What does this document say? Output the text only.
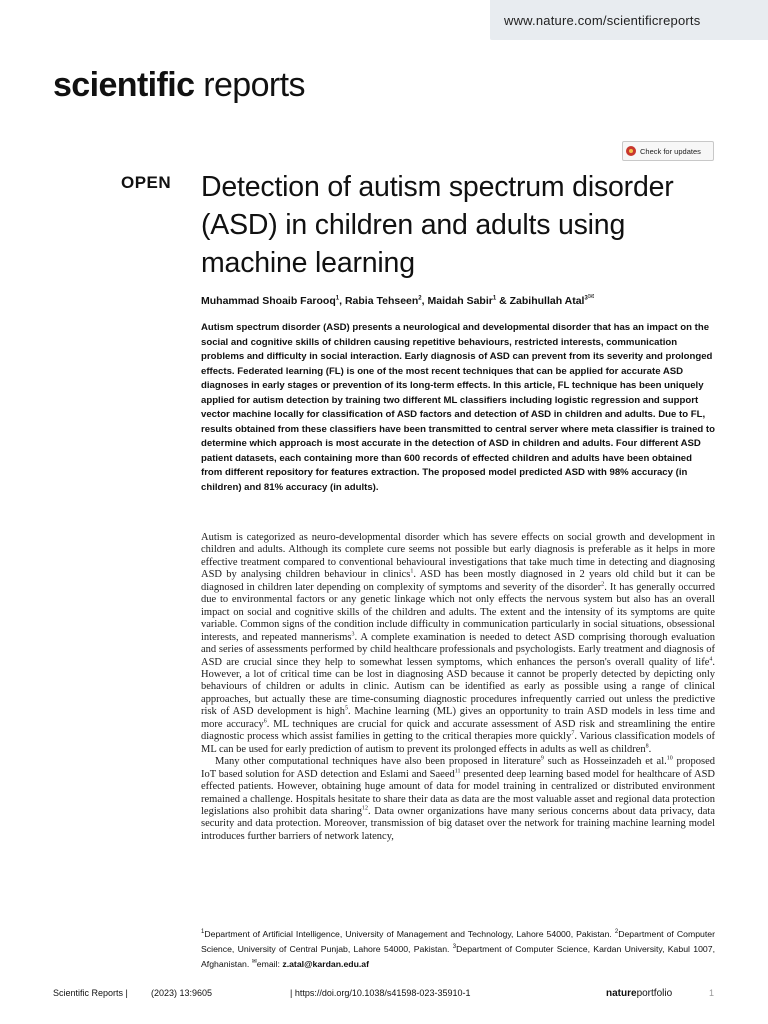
www.nature.com/scientificreports
scientific reports
Check for updates
OPEN Detection of autism spectrum disorder (ASD) in children and adults using machine learning
Muhammad Shoaib Farooq$^1$, Rabia Tehseen$^2$, Maidah Sabir$^1$ & Zabihullah Atal$^{3✉}$

Autism spectrum disorder (ASD) presents a neurological and developmental disorder that has an impact on the social and cognitive skills of children causing repetitive behaviours, restricted interests, communication problems and difficulty in social interaction. Early diagnosis of ASD can prevent from its severity and prolonged effects. Federated learning (FL) is one of the most recent techniques that can be applied for accurate ASD diagnoses in early stages or prevention of its long-term effects. In this article, FL technique has been uniquely applied for autism detection by training two different ML classifiers including logistic regression and support vector machine locally for classification of ASD factors and detection of ASD in children and adults. Due to FL, results obtained from these classifiers have been transmitted to central server where meta classifier is trained to determine which approach is most accurate in the detection of ASD in children and adults. Four different ASD patient datasets, each containing more than 600 records of effected children and adults have been obtained from different repository for features extraction. The proposed model predicted ASD with 98% accuracy (in children) and 81% accuracy (in adults).

Autism is categorized as neuro-developmental disorder which has severe effects on social growth and development in children and adults. Although its complete cure seems not possible but early diagnosis is preferable as it helps in more effective treatment compared to conventional behavioural investigations that take much time in detecting and diagnosing ASD by analysing children behaviour in clinics$^1$. ASD has been mostly diagnosed in 2 years old child but it can be diagnosed in children later depending on complexity of symptoms and severity of the disorder$^2$. It has generally occurred due to environmental factors or any genetic linkage which not only effects the nervous system but also has an overall impact on social and cognitive skills of the children and adults. The extent and the intensity of its symptoms are quite variable. Common signs of the condition include difficulty in communication particularly in social situations, obsessional interests, and repeated mannerisms$^3$. A complete examination is needed to detect ASD comprising thorough evaluation and series of assessments performed by child healthcare professionals and psychologists. Early treatment and diagnosis of ASD are crucial since they help to somewhat lessen symptoms, which enhances the person's overall quality of life$^4$. However, a lot of critical time can be lost in diagnosing ASD because it cannot be properly detected by depicting only behaviours of children or adults in clinic. Autism can be identified as early as possible using a range of clinical approaches, but actually these are time-consuming diagnostic procedures infrequently carried out unless the predictive risk of ASD development is high$^5$. Machine learning (ML) gives an opportunity to train ASD models in less time and more accuracy$^6$. ML techniques are crucial for quick and accurate assessment of ASD risk and streamlining the entire diagnostic process which assist families in getting to the critical therapies more quickly$^7$. Various classification models of ML can be used for early prediction of autism to prevent its prolonged effects in adults as well as children$^8$.

Many other computational techniques have also been proposed in literature$^9$ such as Hosseinzadeh et al.$^{10}$ proposed IoT based solution for ASD detection and Eslami and Saeed$^{11}$ presented deep learning based model for healthcare of ASD effected patients. However, obtaining huge amount of data for model training in centralized or distributed environment remained a challenge. Hospitals hesitate to share their data as data are the most valuable asset and regional data protection legislations also prohibit data sharing$^{12}$. Data owner organizations have many serious concerns about data privacy, data security and data protection. Moreover, transmission of big dataset over the network for training machine learning model introduces further barriers of network latency,

$^1$Department of Artificial Intelligence, University of Management and Technology, Lahore 54000, Pakistan. $^2$Department of Computer Science, University of Central Punjab, Lahore 54000, Pakistan. $^3$Department of Computer Science, Kardan University, Kabul 1007, Afghanistan. ✉email: z.atal@kardan.edu.af

Scientific Reports |	(2023) 13:9605	| https://doi.org/10.1038/s41598-023-35910-1	nature portfolio	1
